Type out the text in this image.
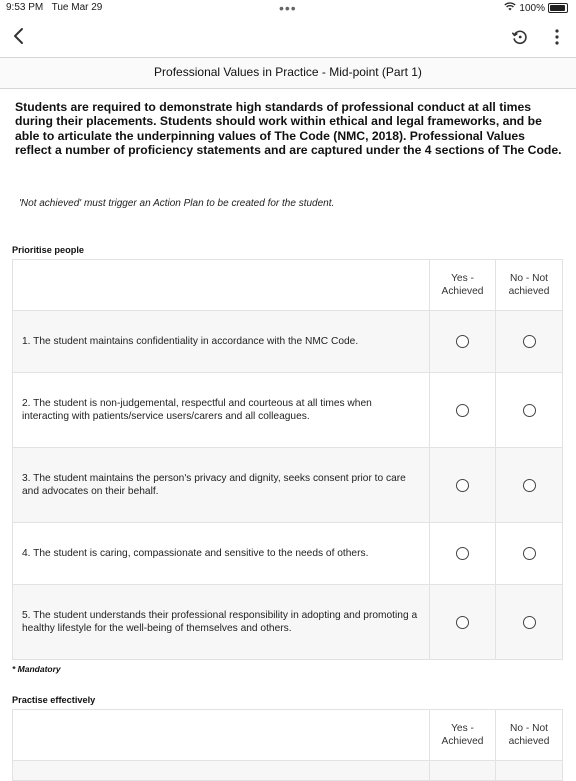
9:53 PM Tue Mar 29	•••	100%
Professional Values in Practice - Mid-point (Part 1)
Students are required to demonstrate high standards of professional conduct at all times during their placements. Students should work within ethical and legal frameworks, and be able to articulate the underpinning values of The Code (NMC, 2018). Professional Values reflect a number of proficiency statements and are captured under the 4 sections of The Code.
'Not achieved' must trigger an Action Plan to be created for the student.
Prioritise people
	Yes - Achieved	No - Not achieved
1. The student maintains confidentiality in accordance with the NMC Code.		
2. The student is non-judgemental, respectful and courteous at all times when interacting with patients/service users/carers and all colleagues.		
3. The student maintains the person's privacy and dignity, seeks consent prior to care and advocates on their behalf.		
4. The student is caring, compassionate and sensitive to the needs of others.		
5. The student understands their professional responsibility in adopting and promoting a healthy lifestyle for the well-being of themselves and others.		
* Mandatory
Practise effectively
	Yes - Achieved	No - Not achieved
